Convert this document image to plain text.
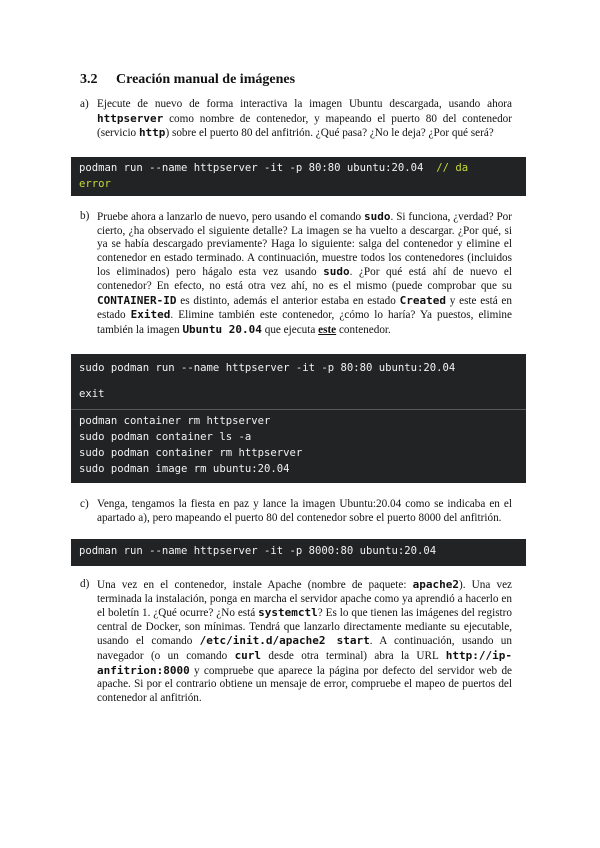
3.2 Creación manual de imágenes
a) Ejecute de nuevo de forma interactiva la imagen Ubuntu descargada, usando ahora httpserver como nombre de contenedor, y mapeando el puerto 80 del contenedor (servicio http) sobre el puerto 80 del anfitrión. ¿Qué pasa? ¿No le deja? ¿Por qué será?
podman run --name httpserver -it -p 80:80 ubuntu:20.04 // da
error
b) Pruebe ahora a lanzarlo de nuevo, pero usando el comando sudo. Si funciona, ¿verdad? Por cierto, ¿ha observado el siguiente detalle? La imagen se ha vuelto a descargar. ¿Por qué, si ya se había descargado previamente? Haga lo siguiente: salga del contenedor y elimine el contenedor en estado terminado. A continuación, muestre todos los contenedores (incluidos los eliminados) pero hágalo esta vez usando sudo. ¿Por qué está ahí de nuevo el contenedor? En efecto, no está otra vez ahí, no es el mismo (puede comprobar que su CONTAINER-ID es distinto, además el anterior estaba en estado Created y este está en estado Exited. Elimine también este contenedor, ¿cómo lo haría? Ya puestos, elimine también la imagen Ubuntu 20.04 que ejecuta este contenedor.
sudo podman run --name httpserver -it -p 80:80 ubuntu:20.04
exit
podman container rm httpserver
sudo podman container ls -a
sudo podman container rm httpserver
sudo podman image rm ubuntu:20.04
c) Venga, tengamos la fiesta en paz y lance la imagen Ubuntu:20.04 como se indicaba en el apartado a), pero mapeando el puerto 80 del contenedor sobre el puerto 8000 del anfitrión.
podman run --name httpserver -it -p 8000:80 ubuntu:20.04
d) Una vez en el contenedor, instale Apache (nombre de paquete: apache2). Una vez terminada la instalación, ponga en marcha el servidor apache como ya aprendió a hacerlo en el boletín 1. ¿Qué ocurre? ¿No está systemctl? Es lo que tienen las imágenes del registro central de Docker, son mínimas. Tendrá que lanzarlo directamente mediante su ejecutable, usando el comando /etc/init.d/apache2 start. A continuación, usando un navegador (o un comando curl desde otra terminal) abra la URL http://ip-anfitrion:8000 y compruebe que aparece la página por defecto del servidor web de apache. Si por el contrario obtiene un mensaje de error, compruebe el mapeo de puertos del contenedor al anfitrión.
